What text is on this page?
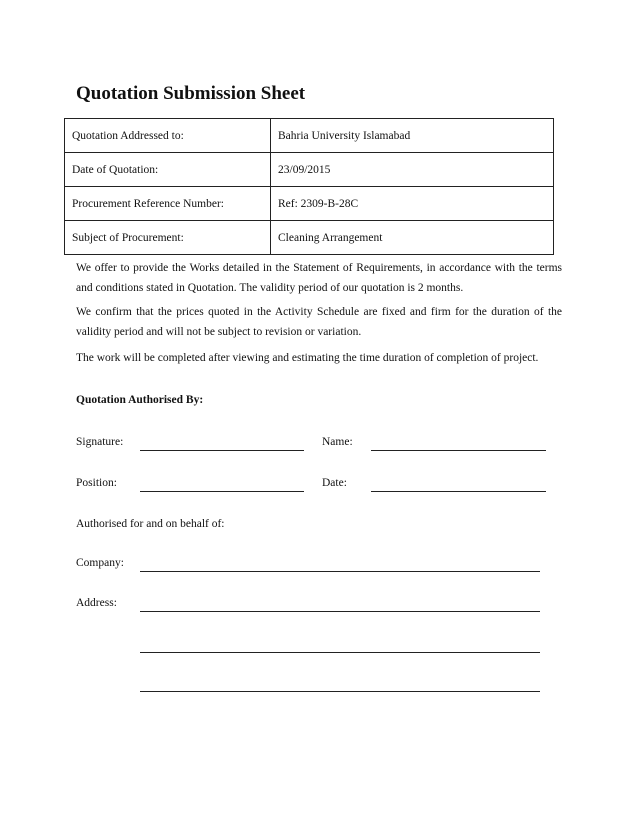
Quotation Submission Sheet
Quotation Addressed to:	Bahria University Islamabad
Date of Quotation:	23/09/2015
Procurement Reference Number:	Ref: 2309-B-28C
Subject of Procurement:	Cleaning Arrangement
We offer to provide the Works detailed in the Statement of Requirements, in accordance with the terms and conditions stated in Quotation. The validity period of our quotation is 2 months.
We confirm that the prices quoted in the Activity Schedule are fixed and firm for the duration of the validity period and will not be subject to revision or variation.
The work will be completed after viewing and estimating the time duration of completion of project.
Quotation Authorised By:
Signature:	Name:
Position:	Date:
Authorised for and on behalf of:
Company:
Address:
